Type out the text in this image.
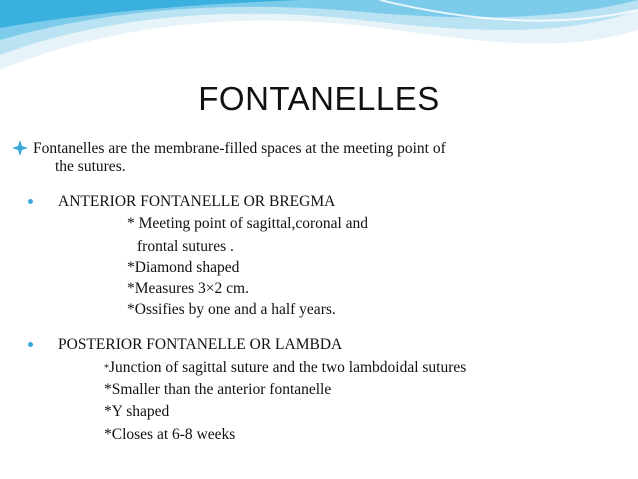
FONTANELLES
Fontanelles are the membrane-filled spaces at the meeting point of
the sutures.
ANTERIOR FONTANELLE OR BREGMA
* Meeting point of sagittal,coronal and
frontal sutures .
*Diamond shaped
*Measures 3×2 cm.
*Ossifies by one and a half years.
POSTERIOR FONTANELLE OR LAMBDA
*Junction of sagittal suture and the two lambdoidal sutures
*Smaller than the anterior fontanelle
*Y shaped
*Closes at 6-8 weeks
